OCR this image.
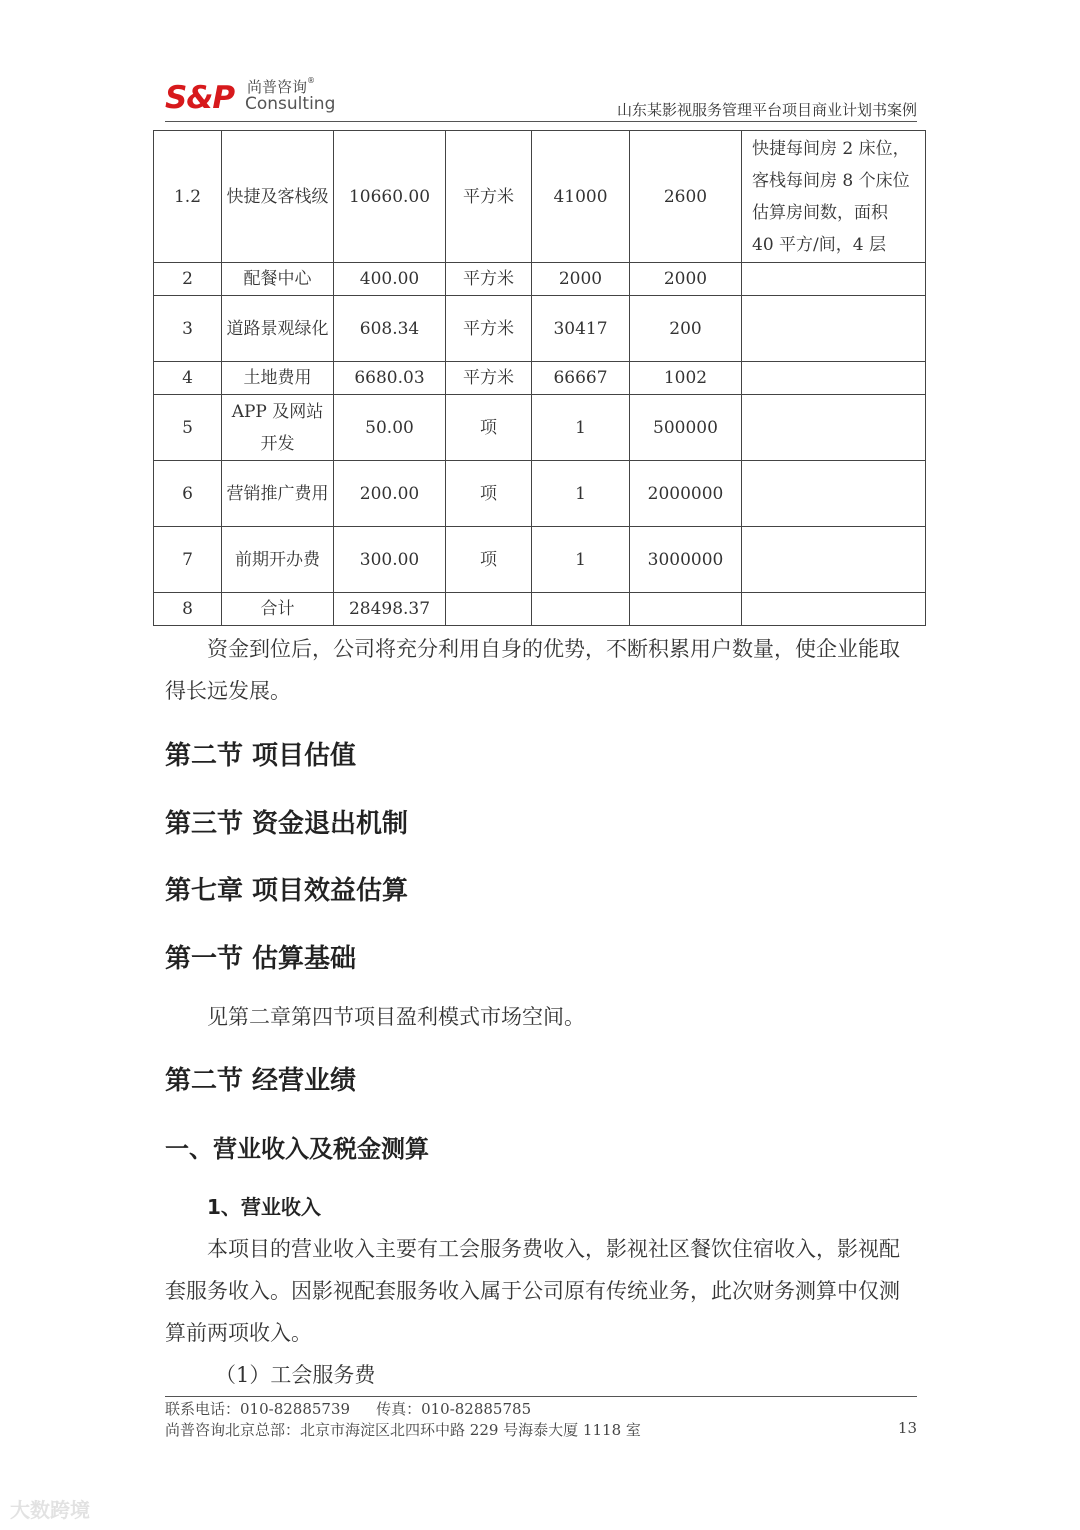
S&P 尚普咨询®
Consulting	山东某影视服务管理平台项目商业计划书案例
1.2	快捷及客栈级	10660.00	平方米	41000	2600	快捷每间房 2 床位，客栈每间房 8 个床位估算房间数，面积 40 平方/间，4 层
2	配餐中心	400.00	平方米	2000	2000	
3	道路景观绿化	608.34	平方米	30417	200	
4	土地费用	6680.03	平方米	66667	1002	
5	APP 及网站开发	50.00	项	1	500000	
6	营销推广费用	200.00	项	1	2000000	
7	前期开办费	300.00	项	1	3000000	
8	合计	28498.37				
资金到位后，公司将充分利用自身的优势，不断积累用户数量，使企业能取得长远发展。
第二节 项目估值
第三节 资金退出机制
第七章 项目效益估算
第一节 估算基础
见第二章第四节项目盈利模式市场空间。
第二节 经营业绩
一、营业收入及税金测算
1、营业收入
本项目的营业收入主要有工会服务费收入，影视社区餐饮住宿收入，影视配套服务收入。因影视配套服务收入属于公司原有传统业务，此次财务测算中仅测算前两项收入。
（1）工会服务费
联系电话：010-82885739 传真：010-82885785
尚普咨询北京总部：北京市海淀区北四环中路 229 号海泰大厦 1118 室	13
大数跨境
